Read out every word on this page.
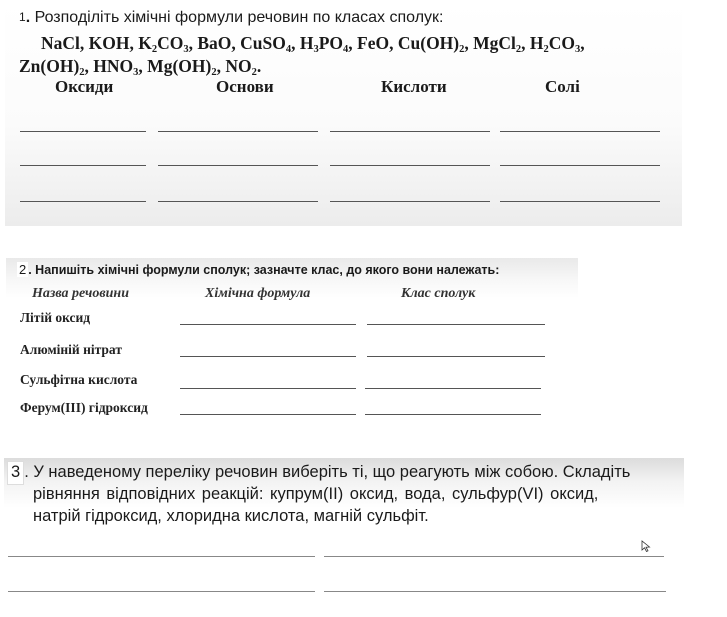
1. Розподіліть хімічні формули речовин по класах сполук:
NaCl, KOH, $K_2CO_3$, BaO, CuSO$_4$, $H_3PO_4$, FeO, $Cu(OH)_2$, MgCl$_2$, $H_2CO_3$,
$Zn(OH)_2$, $HNO_3$, $Mg(OH)_2$, $NO_2$.
Оксиди	Основи	Кислоти	Солі
2 . Напишіть хімічні формули сполук; зазначте клас, до якого вони належать:
Назва речовини	Хімічна формула	Клас сполук
Літій оксид
Алюміній нітрат
Сульфітна кислота
Ферум(ІІІ) гідроксид
3 . У наведеному переліку речовин виберіть ті, що реагують між собою. Складіть
рівняння відповідних реакцій: купрум(ІІ) оксид, вода, сульфур(VI) оксид,
натрій гідроксид, хлоридна кислота, магній сульфіт.
